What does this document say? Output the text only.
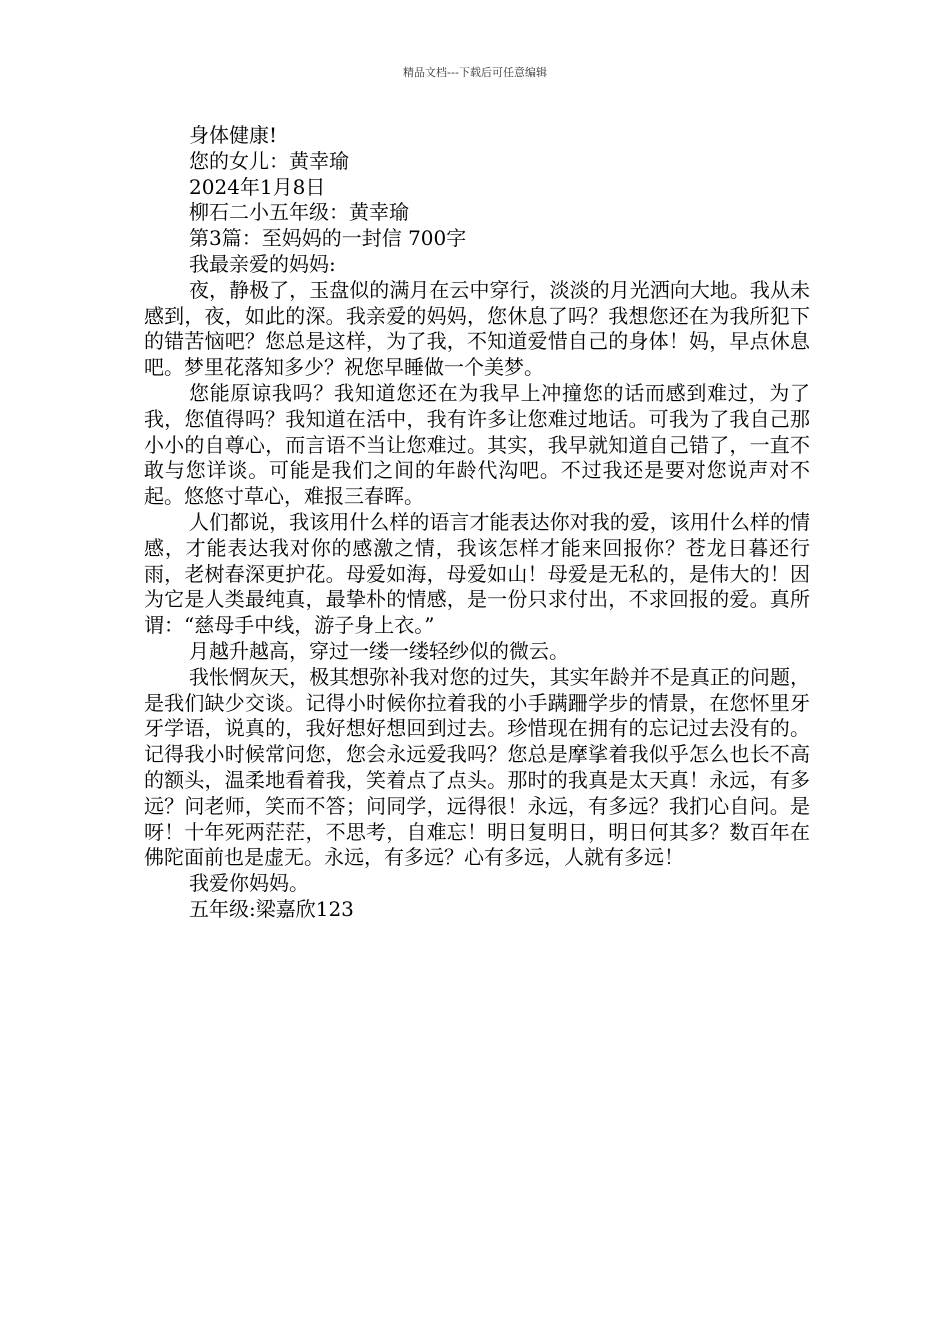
精品文档---下载后可任意编辑
身体健康!
您的女儿：黄幸瑜
2024年1月8日
柳石二小五年级：黄幸瑜
第3篇：至妈妈的一封信 700字
我最亲爱的妈妈:

夜，静极了，玉盘似的满月在云中穿行，淡淡的月光洒向大地。我从未感到，夜，如此的深。我亲爱的妈妈，您休息了吗？我想您还在为我所犯下的错苦恼吧？您总是这样，为了我，不知道爱惜自己的身体！妈，早点休息吧。梦里花落知多少？祝您早睡做一个美梦。

您能原谅我吗？我知道您还在为我早上冲撞您的话而感到难过，为了我，您值得吗？我知道在活中，我有许多让您难过地话。可我为了我自己那小小的自尊心，而言语不当让您难过。其实，我早就知道自己错了，一直不敢与您详谈。可能是我们之间的年龄代沟吧。不过我还是要对您说声对不起。悠悠寸草心，难报三春晖。

人们都说，我该用什么样的语言才能表达你对我的爱，该用什么样的情感，才能表达我对你的感激之情，我该怎样才能来回报你？苍龙日暮还行雨，老树春深更护花。母爱如海，母爱如山！母爱是无私的，是伟大的！因为它是人类最纯真，最挚朴的情感，是一份只求付出，不求回报的爱。真所谓：“慈母手中线，游子身上衣。”

月越升越高，穿过一缕一缕轻纱似的微云。

我怅惘灰天，极其想弥补我对您的过失，其实年龄并不是真正的问题，是我们缺少交谈。记得小时候你拉着我的小手蹒跚学步的情景，在您怀里牙牙学语，说真的，我好想好想回到过去。珍惜现在拥有的忘记过去没有的。记得我小时候常问您，您会永远爱我吗？您总是摩挲着我似乎怎么也长不高的额头，温柔地看着我，笑着点了点头。那时的我真是太天真！永远，有多远？问老师，笑而不答；问同学，远得很！永远，有多远？我扪心自问。是呀！十年死两茫茫，不思考，自难忘！明日复明日，明日何其多？数百年在佛陀面前也是虚无。永远，有多远？心有多远，人就有多远！

我爱你妈妈。

五年级:梁嘉欣123
